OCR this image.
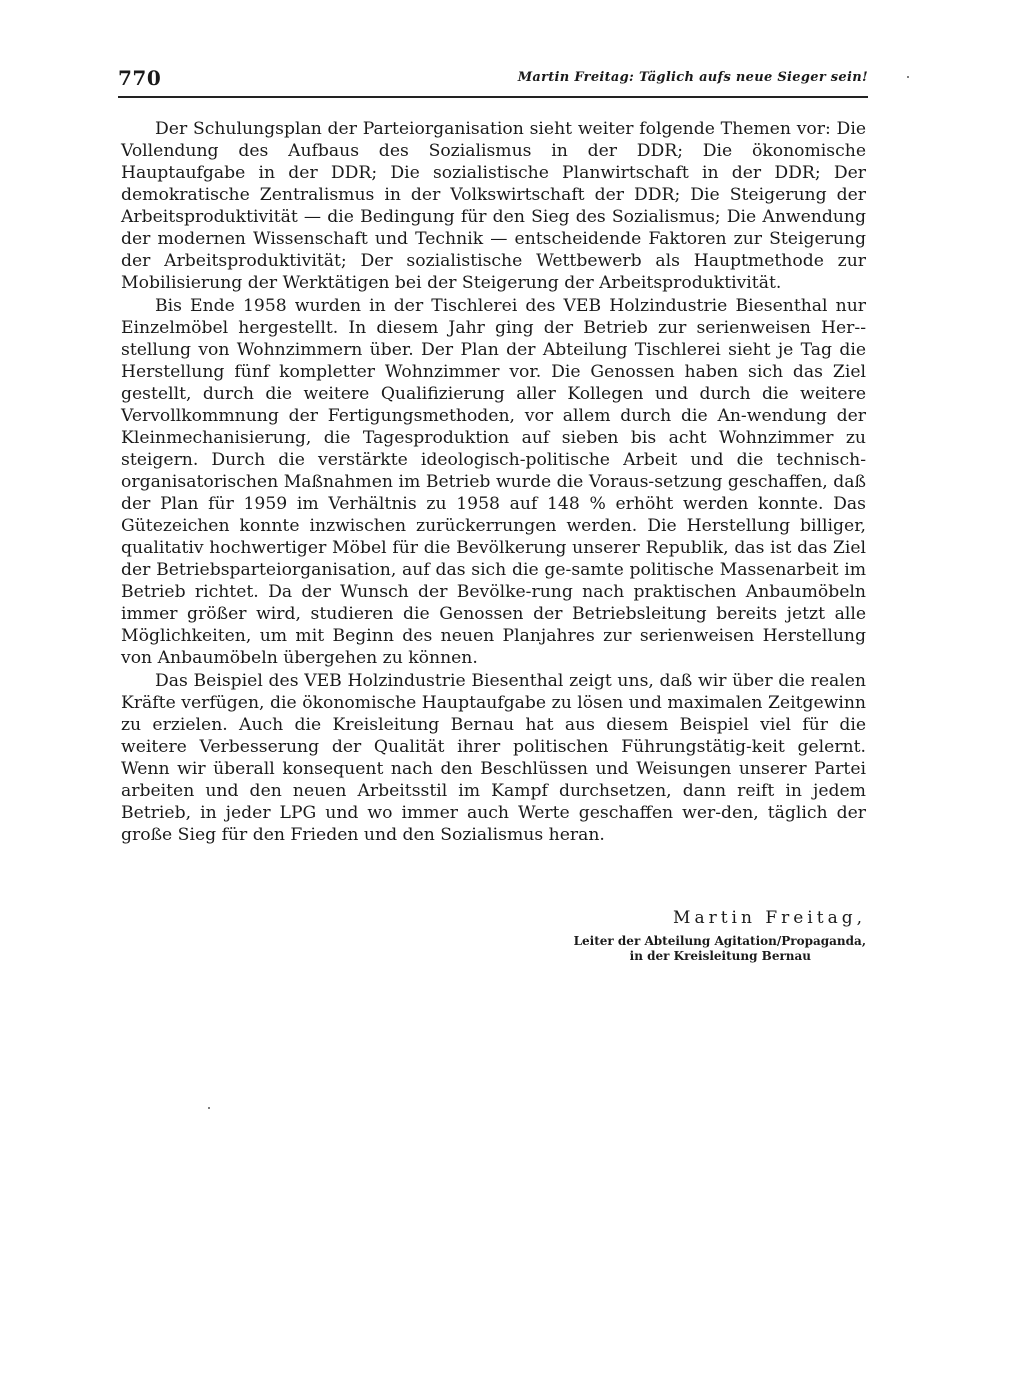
770	Martin Freitag: Täglich aufs neue Sieger sein!

Der Schulungsplan der Parteiorganisation sieht weiter folgende Themen vor: Die Vollendung des Aufbaus des Sozialismus in der DDR; Die ökonomische Hauptaufgabe in der DDR; Die sozialistische Planwirtschaft in der DDR; Der demokratische Zentralismus in der Volkswirtschaft der DDR; Die Steigerung der Arbeitsproduktivität — die Bedingung für den Sieg des Sozialismus; Die Anwendung der modernen Wissenschaft und Technik — entscheidende Faktoren zur Steigerung der Arbeitsproduktivität; Der sozialistische Wettbewerb als Hauptmethode zur Mobilisierung der Werktätigen bei der Steigerung der Arbeitsproduktivität.

Bis Ende 1958 wurden in der Tischlerei des VEB Holzindustrie Biesenthal nur Einzelmöbel hergestellt. In diesem Jahr ging der Betrieb zur serienweisen Her-stellung von Wohnzimmern über. Der Plan der Abteilung Tischlerei sieht je Tag die Herstellung fünf kompletter Wohnzimmer vor. Die Genossen haben sich das Ziel gestellt, durch die weitere Qualifizierung aller Kollegen und durch die weitere Vervollkommnung der Fertigungsmethoden, vor allem durch die An-wendung der Kleinmechanisierung, die Tagesproduktion auf sieben bis acht Wohnzimmer zu steigern. Durch die verstärkte ideologisch-politische Arbeit und die technisch-organisatorischen Maßnahmen im Betrieb wurde die Voraus-setzung geschaffen, daß der Plan für 1959 im Verhältnis zu 1958 auf 148 % erhöht werden konnte. Das Gütezeichen konnte inzwischen zurückerrungen werden. Die Herstellung billiger, qualitativ hochwertiger Möbel für die Bevölkerung unserer Republik, das ist das Ziel der Betriebsparteiorganisation, auf das sich die ge-samte politische Massenarbeit im Betrieb richtet. Da der Wunsch der Bevölke-rung nach praktischen Anbaumöbeln immer größer wird, studieren die Genossen der Betriebsleitung bereits jetzt alle Möglichkeiten, um mit Beginn des neuen Planjahres zur serienweisen Herstellung von Anbaumöbeln übergehen zu können.

Das Beispiel des VEB Holzindustrie Biesenthal zeigt uns, daß wir über die realen Kräfte verfügen, die ökonomische Hauptaufgabe zu lösen und maximalen Zeitgewinn zu erzielen. Auch die Kreisleitung Bernau hat aus diesem Beispiel viel für die weitere Verbesserung der Qualität ihrer politischen Führungstätig-keit gelernt. Wenn wir überall konsequent nach den Beschlüssen und Weisungen unserer Partei arbeiten und den neuen Arbeitsstil im Kampf durchsetzen, dann reift in jedem Betrieb, in jeder LPG und wo immer auch Werte geschaffen wer-den, täglich der große Sieg für den Frieden und den Sozialismus heran.

Martin Freitag,
Leiter der Abteilung Agitation/Propaganda,
in der Kreisleitung Bernau
